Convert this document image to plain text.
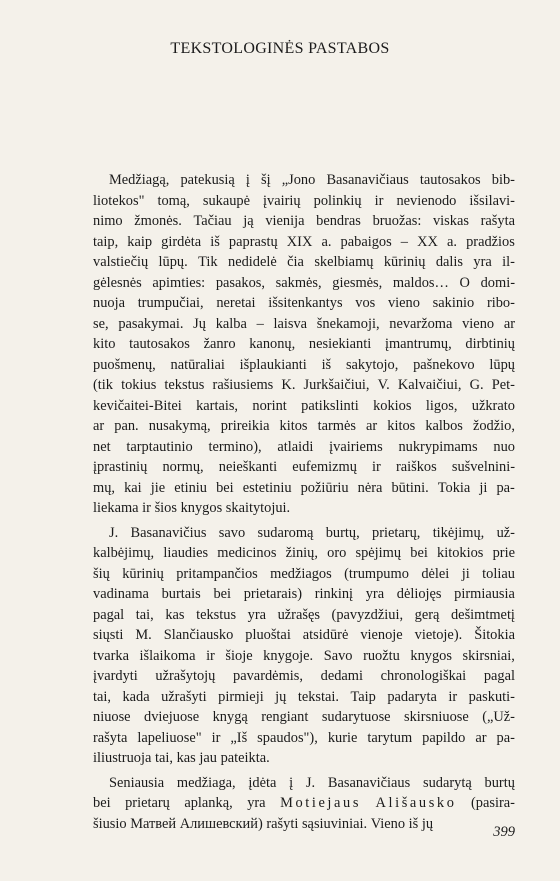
TEKSTOLOGINĖS PASTABOS
Medžiagą, patekusią į šį „Jono Basanavičiaus tautosakos bib-
liotekos" tomą, sukaupė įvairių polinkių ir nevienodo išsilavi-
nimo žmonės. Tačiau ją vienija bendras bruožas: viskas rašyta
taip, kaip girdėta iš paprastų XIX a. pabaigos – XX a. pradžios
valstiečių lūpų. Tik nedidelė čia skelbiamų kūrinių dalis yra il-
gėlesnės apimties: pasakos, sakmės, giesmės, maldos… O domi-
nuoja trumpučiai, neretai išsitenkantys vos vieno sakinio ribo-
se, pasakymai. Jų kalba – laisva šnekamoji, nevaržoma vieno ar
kito tautosakos žanro kanonų, nesiekianti įmantrumų, dirbtinių
puošmenų, natūraliai išplaukianti iš sakytojo, pašnekovo lūpų
(tik tokius tekstus rašiusiems K. Jurkšaičiui, V. Kalvaičiui, G. Pet-
kevičaitei-Bitei kartais, norint patikslinti kokios ligos, užkrato
ar pan. nusakymą, prireikia kitos tarmės ar kitos kalbos žodžio,
net tarptautinio termino), atlaidi įvairiems nukrypimams nuo
įprastinių normų, neieškanti eufemizmų ir raiškos sušvelnini-
mų, kai jie etiniu bei estetiniu požiūriu nėra būtini. Tokia ji pa-
liekama
ir
šios
knygos
skaitytojui.
J. Basanavičius savo sudaromą burtų, prietarų, tikėjimų, už-
kalbėjimų, liaudies medicinos žinių, oro spėjimų bei kitokios prie
šių kūrinių pritampančios medžiagos (trumpumo dėlei ji toliau
vadinama burtais bei prietarais) rinkinį yra dėliojęs pirmiausia
pagal tai, kas tekstus yra užrašęs (pavyzdžiui, gerą dešimtmetį
siųsti M. Slančiausko pluoštai atsidūrė vienoje vietoje). Šitokia
tvarka išlaikoma ir šioje knygoje. Savo ruožtu knygos skirsniai,
įvardyti užrašytojų pavardėmis, dedami chronologiškai pagal
tai, kada užrašyti pirmieji jų tekstai. Taip padaryta ir paskuti-
niuose dviejuose knygą rengiant sudarytuose skirsniuose („Už-
rašyta lapeliuose" ir „Iš spaudos"), kurie tarytum papildo ar pa-
iliustruoja
tai,
kas
jau
pateikta.
Seniausia medžiaga, įdėta į J. Basanavičiaus sudarytą burtų
bei prietarų aplanką, yra Motiejaus Ališausko (pasira-
šiusio
Матвей
Алишевский)
rašyti
sąsiuviniai.
Vieno
iš
jų
399
